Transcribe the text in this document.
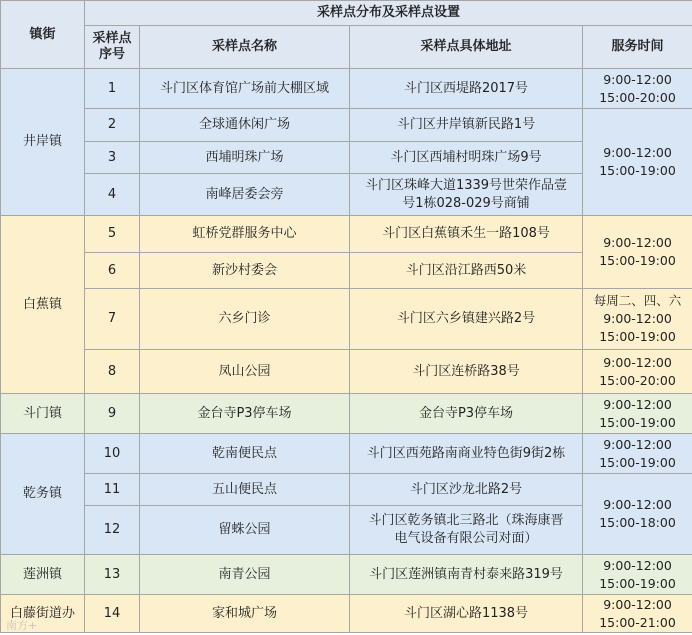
镇街	采样点分布及采样点设置			
	采样点序号	采样点名称	采样点具体地址	服务时间
井岸镇	1	斗门区体育馆广场前大棚区域	斗门区西堤路2017号	9:00-12:00
15:00-20:00

	2	全球通休闲广场	斗门区井岸镇新民路1号	9:00-12:00
15:00-19:00

	3	西埔明珠广场	斗门区西埔村明珠广场9号	
	4	南峰居委会旁	斗门区珠峰大道1339号世荣作品壹
号1栋028-029号商铺	

白蕉镇	5	虹桥党群服务中心	斗门区白蕉镇禾生一路108号	9:00-12:00
15:00-19:00

	6	新沙村委会	斗门区沿江路西50米	
	7	六乡门诊	斗门区六乡镇建兴路2号	每周二、四、六
9:00-12:00
15:00-19:00

	8	凤山公园	斗门区连桥路38号	9:00-12:00
15:00-20:00

斗门镇	9	金台寺P3停车场	金台寺P3停车场	9:00-12:00
15:00-19:00

乾务镇	10	乾南便民点	斗门区西苑路南商业特色街9街2栋	9:00-12:00
15:00-19:00

	11	五山便民点	斗门区沙龙北路2号	9:00-12:00
15:00-18:00

	12	留蛛公园	斗门区乾务镇北三路北（珠海康晋
电气设备有限公司对面）	

莲洲镇	13	南青公园	斗门区莲洲镇南青村泰来路319号	9:00-12:00
15:00-19:00

白藤街道办	14	家和城广场	斗门区湖心路1138号	9:00-12:00
15:00-21:00
南方+
